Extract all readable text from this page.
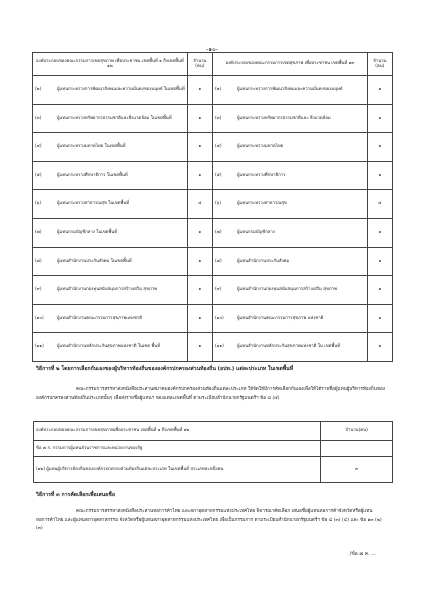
-๑๐-
องค์ประกอบของคณะกรรมการเขตสุขภาพ เพื่อประชาชน เขตพื้นที่ ๑ ถึงเขตพื้นที่ ๑๒	จำนวน (คน)	องค์ประกอบของคณะกรรมการเขตสุขภาพ เพื่อประชาชน เขตพื้นที่ ๑๓	จำนวน (คน)
(๒) ผู้แทนกระทรวงการพัฒนาสังคมและความมั่นคงของมนุษย์ ในเขตพื้นที่	๑	(๒) ผู้แทนกระทรวงการพัฒนาสังคมและความมั่นคงของมนุษย์	๑
(๓) ผู้แทนกระทรวงทรัพยากรธรรมชาติและสิ่งแวดล้อม ในเขตพื้นที่	๑	(๓) ผู้แทนกระทรวงทรัพยากรธรรมชาติและ สิ่งแวดล้อม	๑
(๔) ผู้แทนกระทรวงมหาดไทย ในเขตพื้นที่	๑	(๔) ผู้แทนกระทรวงมหาดไทย	๑
(๕) ผู้แทนกระทรวงศึกษาธิการ ในเขตพื้นที่	๑	(๕) ผู้แทนกระทรวงศึกษาธิการ	๑
(๖) ผู้แทนกระทรวงสาธารณสุข ในเขตพื้นที่	๔	(๖) ผู้แทนกระทรวงสาธารณสุข	๔
(๗) ผู้แทนกรมบัญชีกลาง ในเขตพื้นที่	๑	(๗) ผู้แทนกรมบัญชีกลาง	๑
(๘) ผู้แทนสำนักงานประกันสังคม ในเขตพื้นที่	๑	(๘) ผู้แทนสำนักงานประกันสังคม	๑
(๙) ผู้แทนสำนักงานกองทุนสนับสนุนการสร้างเสริม สุขภาพ	๑	(๙) ผู้แทนสำนักงานกองทุนสนับสนุนการสร้างเสริม สุขภาพ	๑
(๑๐) ผู้แทนสำนักงานคณะกรรมการสุขภาพแห่งชาติ	๑	(๑๐) ผู้แทนสำนักงานคณะกรรมการสุขภาพ แห่งชาติ	๑
(๑๑) ผู้แทนสำนักงานหลักประกันสุขภาพแห่งชาติ ในเขต พื้นที่	๑	(๑๑) ผู้แทนสำนักงานหลักประกันสุขภาพแห่งชาติ ใน เขตพื้นที่	๑
วิธีการที่ ๒ โดยการเลือกกันเองของผู้บริหารท้องถิ่นขององค์กรปกครองส่วนท้องถิ่น (อปท.) แต่ละประเภท ในเขตพื้นที่
คณะกรรมการสรรหาส่งหนังสือประสานสมาคมองค์กรปกครองส่วนท้องถิ่นแต่ละประเภท ให้จัดให้มีการคัดเลือกกันเองเพื่อให้ได้รายชื่อผู้แทนผู้บริหารท้องถิ่นขององค์กรปกครองส่วนท้องถิ่นประเภทนั้นๆ เพื่อส่งรายชื่อผู้แทนฯ ของแต่ละเขตพื้นที่ ตามระเบียบสำนักนายกรัฐมนตรีฯ ข้อ ๘ (๕)
องค์ประกอบของคณะกรรมการเขตสุขภาพเพื่อประชาชน เขตพื้นที่ ๑ ถึงเขตพื้นที่ ๑๒	จำนวน(คน)
ข้อ ๗ ก. กรรมการผู้แทนส่วนราชการและหน่วยงานของรัฐ	
(๑๒) ผู้แทนผู้บริหารท้องถิ่นขององค์กรปกครองส่วนท้องถิ่นแต่ละประเภท ในเขตพื้นที่ ประเภทละหนึ่งคน	๓
วิธีการที่ ๓ การคัดเลือกเพื่อเสนอชื่อ
คณะกรรมการสรรหาส่งหนังสือประสานหอการค้าไทย และสภาอุตสาหกรรมแห่งประเทศไทย พิจารณาคัดเลือก เสนอชื่อผู้แทนหอการค้าจังหวัดหรือผู้แทนหอการค้าไทย และผู้แทนสภาอุตสาหกรรม จังหวัดหรือผู้แทนสภาอุตสาหกรรมแห่งประเทศไทย เพื่อเป็นกรรมการ ตามระเบียบสำนักนายกรัฐมนตรีฯ ข้อ ๘ (๓) (๔) และ ข้อ ๑๓ (๒) (๓)
/ข้อ ๗ ค. ...
